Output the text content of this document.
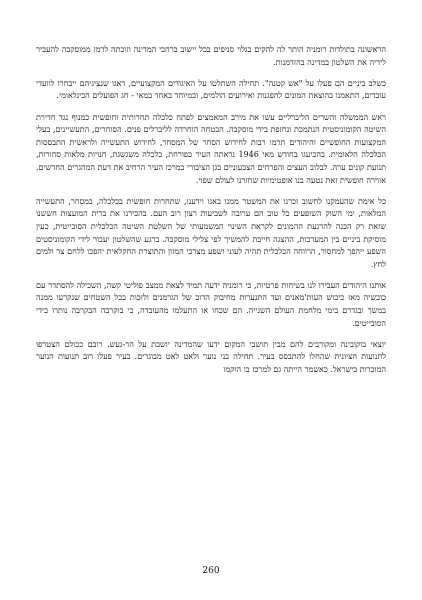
הראשונה בתולדות רומניה הותר לה להקים בגלוי סניפים בכל יישוב ברחבי המדינה וזוכתה לרמז ממוסקבה להעביר לידיה את השלטון במדינה בהזדמנות.

כשלב ביניים הם פעלו על "אש קטנה". תחילה השתלטו על האיגודים המקצועיים, דאגו שנציגיהם ייבחרו לוועדי עובדים, התאמנו בהוצאת המונים להפגנות ואירועים הולמים, ובמיוחד באחד במאי - חג הפועלים הבינלאומי.

ראש הממשלה והשרים הליברליים עשו את מירב המאמצים לפתח כלכלה תחרותית וחופשית כמנוף נגד חדירת השיטה הקומוניסטית הנתמכת ונחזפת בידי מוסקבה. הבטחה הוחרדה לליברלים פנים. הסוחרים, התעשיינים, בעלי המקצועות החופשיים והיהודים תרמו רבות לחידוש הסחר של המסחר, לחידוש התעשייה ולראשית התבססות הכלכלה הלאומית. בהכיעגו בחודש מאי 1946 נראתה העיר כפורחת, כלכלה משגשגת, חנויות מלאות סחורות, תנועת קונים ערה. לבלוב העצים והפרחים הצבעוניים בגן הציבורי במרכז העיר הרחיב את דעת המהגרים החדשים. אווירה חופשית זאת נטעה בנו אופטימיות שחזרנו לעולם שפוי.

כל אימת שהעמקנו לחשוב זכרנו את המשטר ממנו באנו וידענו, שתחרות חופשית בכלכלה, במסחר, התעשייה המלאות, ימי השוק השופעים כל טוב הם ערובה לשביעות רצון רוב העם. בהכירנו את ברית המועצות חששנו שזאת רק הכנה להרגעת ההמונים לקראת השינוי המשמעותי של השלטת השיטה הכלכלית הסובייטית, כעין מוסיקת ביניים בין המערכות, ההצגה חייבת להמשיך לפי צלילי מוסקבה. ברגע שהשלטון יעבור לידי הקומוניסטים השפע ייהפך למחסור, הרווחה הכלכלית תהיה לעוני ושפע מצרכי המזון והתוצרת החקלאית יהפכו ללחם צר ולמים לחץ.

אותנו היהודים העבירו לנו בשיחות פרטיות, כי רומניה ידעה תמיד לצאת ממצב פוליטי קשה, השכילה להסתדר עם כובשיה מאז כיבוש העות'מאנים ועד התנערות מחיבוק הדוב של הגרמנים ולזכות בכל השטחים שנקרעו ממנה במשך ובגדרם בימי מלחמת העולם השנייה. הם שכחו או התעלמו מהעובדה, כי בוקרבה הבקרבה נותרו בידי הסובייטים.

יוצאי בוקובינה ומקורבים להם מבין תושבי המקום ידעו שהמדינה יושבת על הר-געש. רובם ככולם הצטרפו לתנועות הציונית שהחלו להתבסס בעיר. תחילה בני נוער ולאט לאט מבוגרים. בעיר פעלו רוב תנועות הנוער המוכרות בישראל. כאשמר הייתה גם למרכז בו הוקמו

260
